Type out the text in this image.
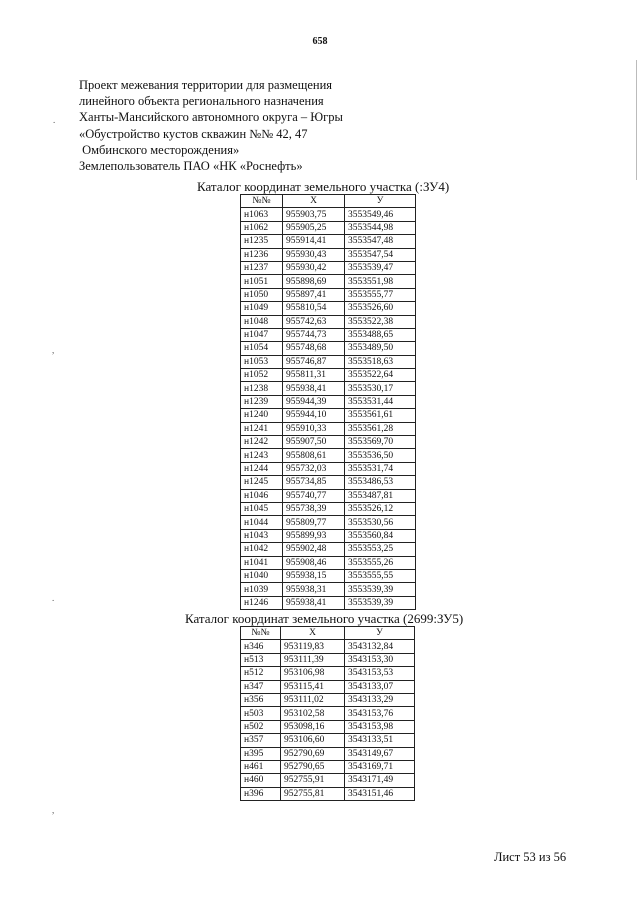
658
Проект межевания территории для размещения
линейного объекта регионального назначения
Ханты-Мансийского автономного округа – Югры
«Обустройство кустов скважин №№ 42, 47
Омбинского месторождения»
Землепользователь ПАО «НК «Роснефть»
Каталог координат земельного участка (:ЗУ4)
№№	X	У
н1063	955903,75	3553549,46
н1062	955905,25	3553544,98
н1235	955914,41	3553547,48
н1236	955930,43	3553547,54
н1237	955930,42	3553539,47
н1051	955898,69	3553551,98
н1050	955897,41	3553555,77
н1049	955810,54	3553526,60
н1048	955742,63	3553522,38
н1047	955744,73	3553488,65
н1054	955748,68	3553489,50
н1053	955746,87	3553518,63
н1052	955811,31	3553522,64
н1238	955938,41	3553530,17
н1239	955944,39	3553531,44
н1240	955944,10	3553561,61
н1241	955910,33	3553561,28
н1242	955907,50	3553569,70
н1243	955808,61	3553536,50
н1244	955732,03	3553531,74
н1245	955734,85	3553486,53
н1046	955740,77	3553487,81
н1045	955738,39	3553526,12
н1044	955809,77	3553530,56
н1043	955899,93	3553560,84
н1042	955902,48	3553553,25
н1041	955908,46	3553555,26
н1040	955938,15	3553555,55
н1039	955938,31	3553539,39
н1246	955938,41	3553539,39
Каталог координат земельного участка (2699:ЗУ5)
№№	X	У
н346	953119,83	3543132,84
н513	953111,39	3543153,30
н512	953106,98	3543153,53
н347	953115,41	3543133,07
н356	953111,02	3543133,29
н503	953102,58	3543153,76
н502	953098,16	3543153,98
н357	953106,60	3543133,51
н395	952790,69	3543149,67
н461	952790,65	3543169,71
н460	952755,91	3543171,49
н396	952755,81	3543151,46
Лист 53 из 56
.
,
.
,
